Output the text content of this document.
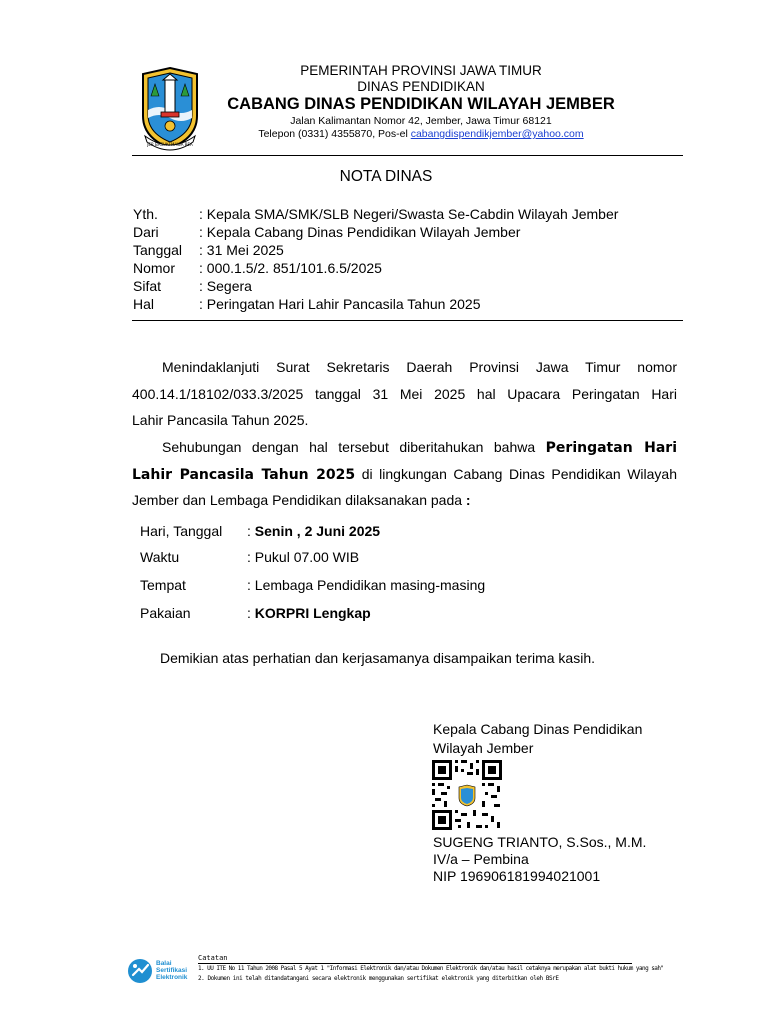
JER BASUKI MAWA BEA
PEMERINTAH PROVINSI JAWA TIMUR
DINAS PENDIDIKAN
CABANG DINAS PENDIDIKAN WILAYAH JEMBER
Jalan Kalimantan Nomor 42, Jember, Jawa Timur 68121
Telepon (0331) 4355870, Pos-el cabangdispendikjember@yahoo.com
NOTA DINAS
Yth.	: Kepala SMA/SMK/SLB Negeri/Swasta Se-Cabdin Wilayah Jember
Dari	: Kepala Cabang Dinas Pendidikan Wilayah Jember
Tanggal : 31 Mei 2025
Nomor : 000.1.5/2. 851/101.6.5/2025
Sifat	: Segera
Hal	: Peringatan Hari Lahir Pancasila Tahun 2025
Menindaklanjuti Surat Sekretaris Daerah Provinsi Jawa Timur nomor
400.14.1/18102/033.3/2025 tanggal 31 Mei 2025 hal Upacara Peringatan Hari
Lahir Pancasila Tahun 2025.
Sehubungan dengan hal tersebut diberitahukan bahwa Peringatan Hari
Lahir Pancasila Tahun 2025 di lingkungan Cabang Dinas Pendidikan Wilayah
Jember dan Lembaga Pendidikan dilaksanakan pada :
Hari, Tanggal : Senin , 2 Juni 2025
Waktu	: Pukul 07.00 WIB
Tempat	: Lembaga Pendidikan masing-masing
Pakaian	: KORPRI Lengkap
Demikian atas perhatian dan kerjasamanya disampaikan terima kasih.
Kepala Cabang Dinas Pendidikan
Wilayah Jember
SUGENG TRIANTO, S.Sos., M.M.
IV/a – Pembina
NIP 196906181994021001
Balai
Sertifikasi
Elektronik
Catatan
1. UU ITE No 11 Tahun 2008 Pasal 5 Ayat 1 "Informasi Elektronik dan/atau Dokumen Elektronik dan/atau hasil cetaknya merupakan alat bukti hukum yang sah"
2. Dokumen ini telah ditandatangani secara elektronik menggunakan sertifikat elektronik yang diterbitkan oleh BSrE
